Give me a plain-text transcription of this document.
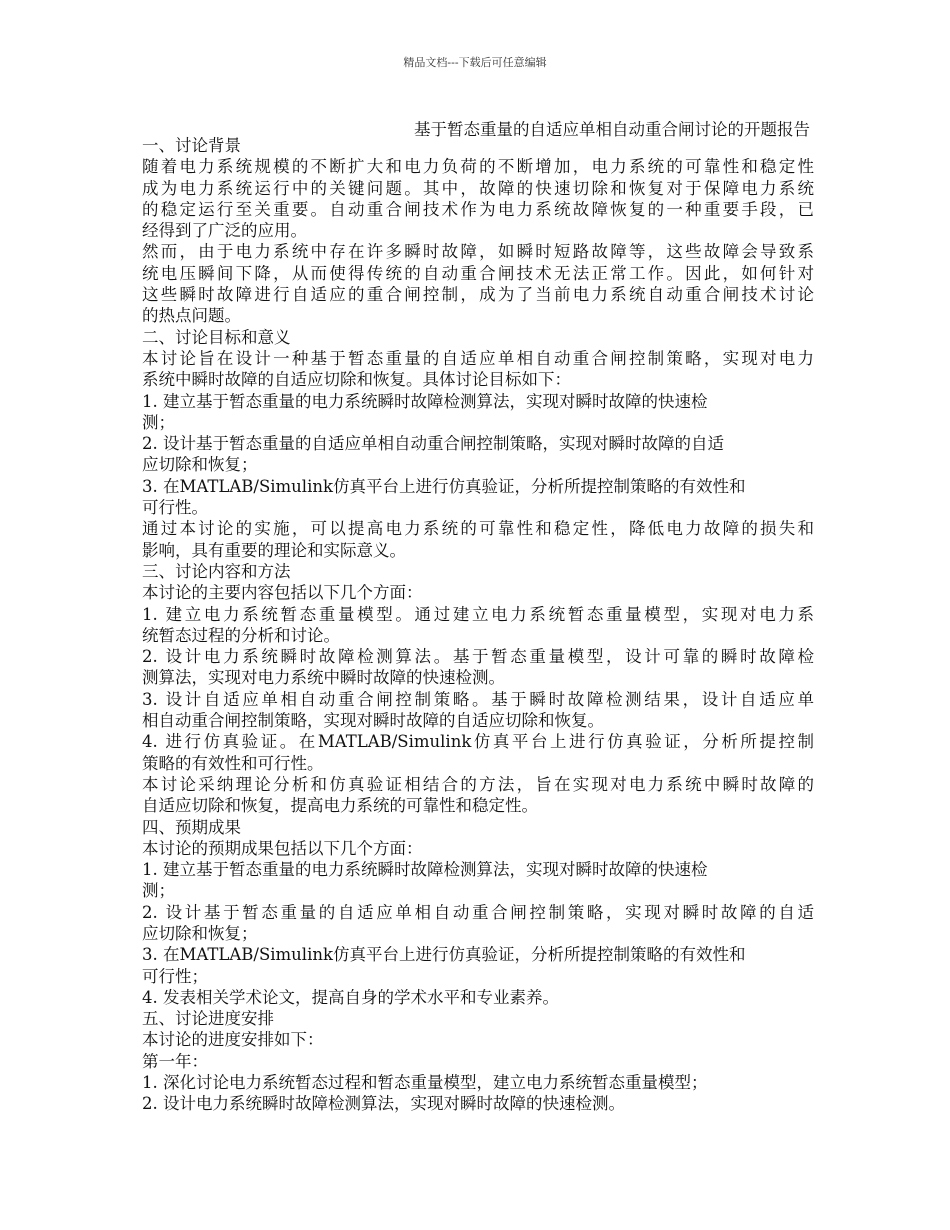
精品文档---下载后可任意编辑
基于暂态重量的自适应单相自动重合闸讨论的开题报告
一、讨论背景
随着电力系统规模的不断扩大和电力负荷的不断增加，电力系统的可靠性和稳定性
成为电力系统运行中的关键问题。其中，故障的快速切除和恢复对于保障电力系统
的稳定运行至关重要。自动重合闸技术作为电力系统故障恢复的一种重要手段，已
经得到了广泛的应用。
然而，由于电力系统中存在许多瞬时故障，如瞬时短路故障等，这些故障会导致系
统电压瞬间下降，从而使得传统的自动重合闸技术无法正常工作。因此，如何针对
这些瞬时故障进行自适应的重合闸控制，成为了当前电力系统自动重合闸技术讨论
的热点问题。
二、讨论目标和意义
本讨论旨在设计一种基于暂态重量的自适应单相自动重合闸控制策略，实现对电力
系统中瞬时故障的自适应切除和恢复。具体讨论目标如下：
1. 建立基于暂态重量的电力系统瞬时故障检测算法，实现对瞬时故障的快速检
测；
2. 设计基于暂态重量的自适应单相自动重合闸控制策略，实现对瞬时故障的自适
应切除和恢复；
3. 在MATLAB/Simulink仿真平台上进行仿真验证，分析所提控制策略的有效性和
可行性。
通过本讨论的实施，可以提高电力系统的可靠性和稳定性，降低电力故障的损失和
影响，具有重要的理论和实际意义。
三、讨论内容和方法
本讨论的主要内容包括以下几个方面：
1. 建立电力系统暂态重量模型。通过建立电力系统暂态重量模型，实现对电力系
统暂态过程的分析和讨论。
2. 设计电力系统瞬时故障检测算法。基于暂态重量模型，设计可靠的瞬时故障检
测算法，实现对电力系统中瞬时故障的快速检测。
3. 设计自适应单相自动重合闸控制策略。基于瞬时故障检测结果，设计自适应单
相自动重合闸控制策略，实现对瞬时故障的自适应切除和恢复。
4. 进行仿真验证。在MATLAB/Simulink仿真平台上进行仿真验证，分析所提控制
策略的有效性和可行性。
本讨论采纳理论分析和仿真验证相结合的方法，旨在实现对电力系统中瞬时故障的
自适应切除和恢复，提高电力系统的可靠性和稳定性。
四、预期成果
本讨论的预期成果包括以下几个方面：
1. 建立基于暂态重量的电力系统瞬时故障检测算法，实现对瞬时故障的快速检
测；
2. 设计基于暂态重量的自适应单相自动重合闸控制策略，实现对瞬时故障的自适
应切除和恢复；
3. 在MATLAB/Simulink仿真平台上进行仿真验证，分析所提控制策略的有效性和
可行性；
4. 发表相关学术论文，提高自身的学术水平和专业素养。
五、讨论进度安排
本讨论的进度安排如下：
第一年：
1. 深化讨论电力系统暂态过程和暂态重量模型，建立电力系统暂态重量模型；
2. 设计电力系统瞬时故障检测算法，实现对瞬时故障的快速检测。
